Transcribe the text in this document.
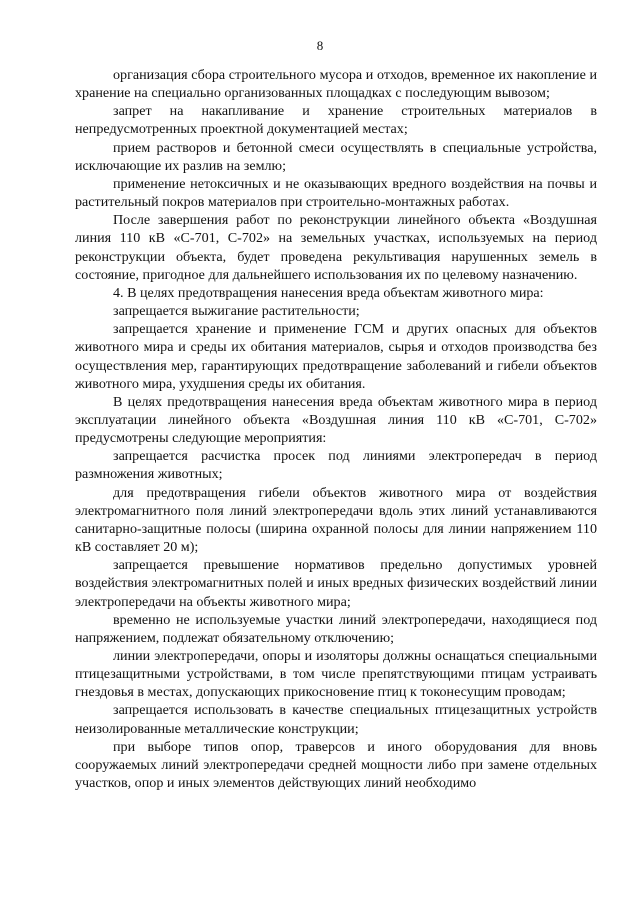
8

организация сбора строительного мусора и отходов, временное их накопление и хранение на специально организованных площадках с последующим вывозом;

запрет на накапливание и хранение строительных материалов в непредусмотренных проектной документацией местах;

прием растворов и бетонной смеси осуществлять в специальные устройства, исключающие их разлив на землю;

применение нетоксичных и не оказывающих вредного воздействия на почвы и растительный покров материалов при строительно-монтажных работах.

После завершения работ по реконструкции линейного объекта «Воздушная линия 110 кВ «С-701, С-702» на земельных участках, используемых на период реконструкции объекта, будет проведена рекультивация нарушенных земель в состояние, пригодное для дальнейшего использования их по целевому назначению.

4. В целях предотвращения нанесения вреда объектам животного мира:

запрещается выжигание растительности;

запрещается хранение и применение ГСМ и других опасных для объектов животного мира и среды их обитания материалов, сырья и отходов производства без осуществления мер, гарантирующих предотвращение заболеваний и гибели объектов животного мира, ухудшения среды их обитания.

В целях предотвращения нанесения вреда объектам животного мира в период эксплуатации линейного объекта «Воздушная линия 110 кВ «С-701, С-702» предусмотрены следующие мероприятия:

запрещается расчистка просек под линиями электропередач в период размножения животных;

для предотвращения гибели объектов животного мира от воздействия электромагнитного поля линий электропередачи вдоль этих линий устанавливаются санитарно-защитные полосы (ширина охранной полосы для линии напряжением 110 кВ составляет 20 м);

запрещается превышение нормативов предельно допустимых уровней воздействия электромагнитных полей и иных вредных физических воздействий линии электропередачи на объекты животного мира;

временно не используемые участки линий электропередачи, находящиеся под напряжением, подлежат обязательному отключению;

линии электропередачи, опоры и изоляторы должны оснащаться специальными птицезащитными устройствами, в том числе препятствующими птицам устраивать гнездовья в местах, допускающих прикосновение птиц к токонесущим проводам;

запрещается использовать в качестве специальных птицезащитных устройств неизолированные металлические конструкции;

при выборе типов опор, траверсов и иного оборудования для вновь сооружаемых линий электропередачи средней мощности либо при замене отдельных участков, опор и иных элементов действующих линий необходимо
